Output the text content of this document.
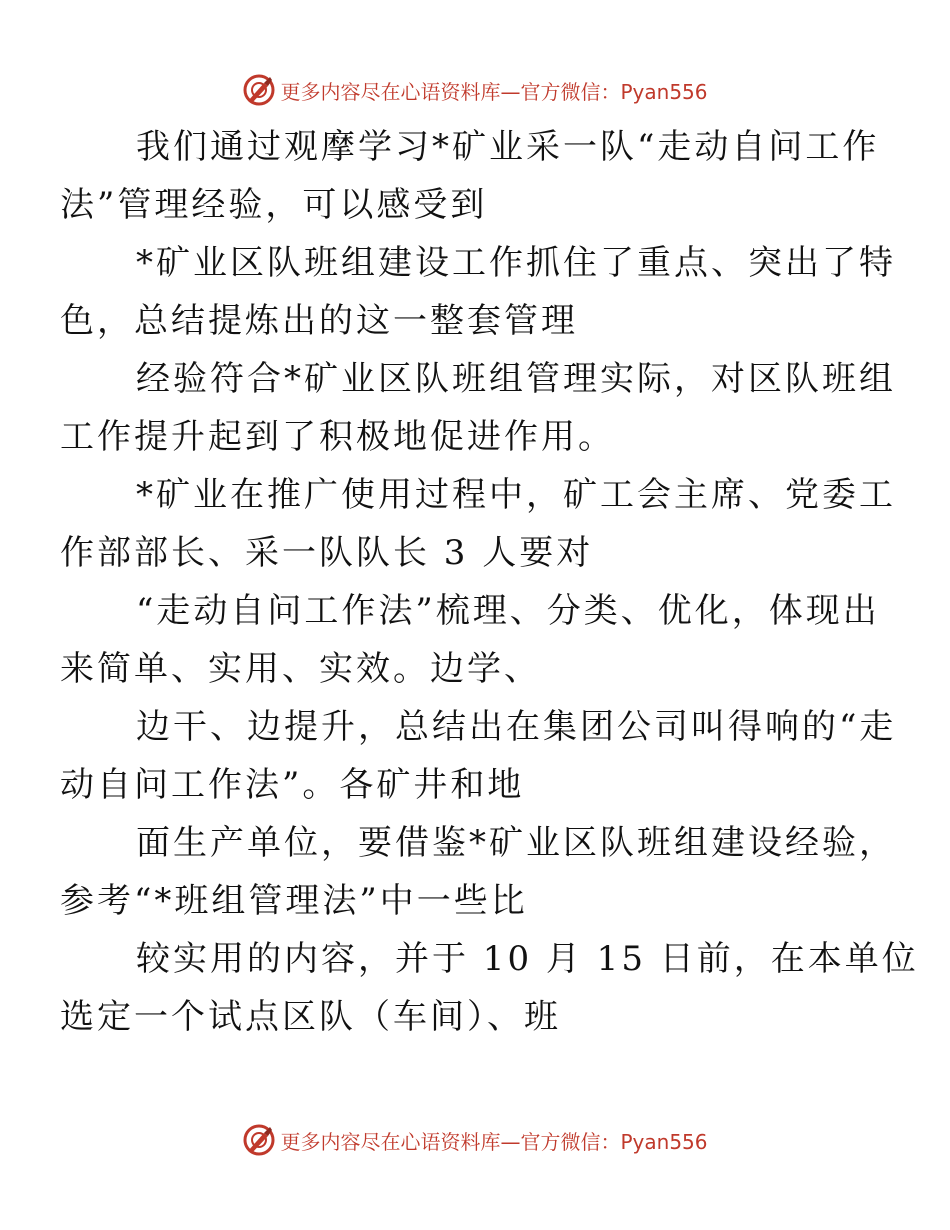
更多内容尽在心语资料库—官方微信：Pyan556

我们通过观摩学习*矿业采一队“走动自问工作
法”管理经验，可以感受到

*矿业区队班组建设工作抓住了重点、突出了特
色，总结提炼出的这一整套管理

经验符合*矿业区队班组管理实际，对区队班组
工作提升起到了积极地促进作用。

*矿业在推广使用过程中，矿工会主席、党委工
作部部长、采一队队长 3 人要对

“走动自问工作法”梳理、分类、优化，体现出
来简单、实用、实效。边学、

边干、边提升，总结出在集团公司叫得响的“走
动自问工作法”。各矿井和地

面生产单位，要借鉴*矿业区队班组建设经验，
参考“*班组管理法”中一些比

较实用的内容，并于 10 月 15 日前，在本单位
选定一个试点区队（车间）、班

更多内容尽在心语资料库—官方微信：Pyan556
